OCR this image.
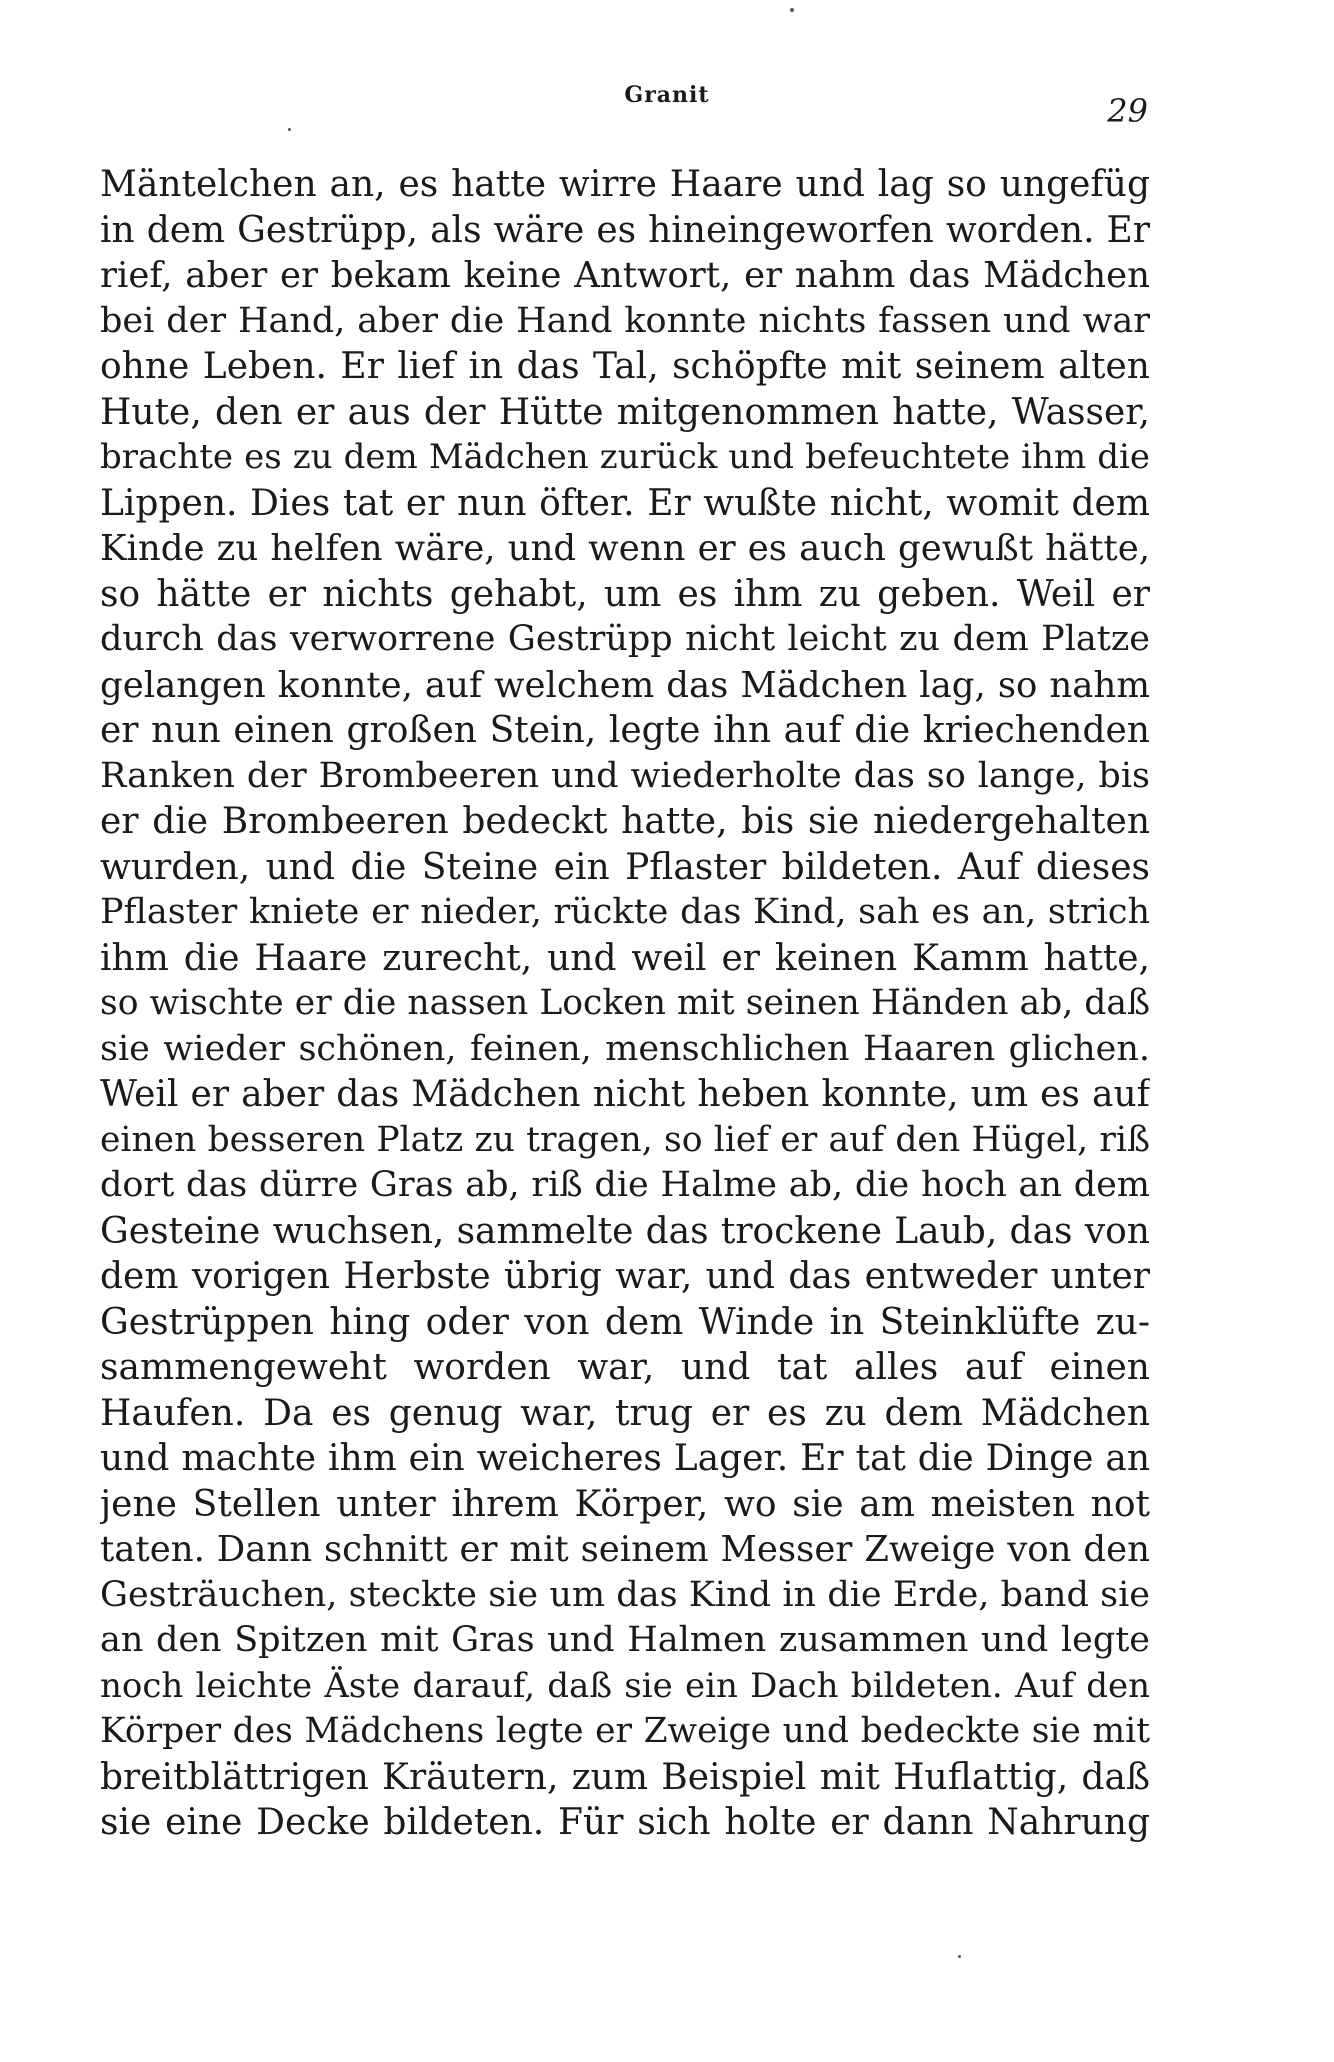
Granit	29
Mäntelchen an, es hatte wirre Haare und lag so ungefüg
in dem Gestrüpp, als wäre es hineingeworfen worden. Er
rief, aber er bekam keine Antwort, er nahm das Mädchen
bei der Hand, aber die Hand konnte nichts fassen und war
ohne Leben. Er lief in das Tal, schöpfte mit seinem alten
Hute, den er aus der Hütte mitgenommen hatte, Wasser,
brachte es zu dem Mädchen zurück und befeuchtete ihm die
Lippen. Dies tat er nun öfter. Er wußte nicht, womit dem
Kinde zu helfen wäre, und wenn er es auch gewußt hätte,
so hätte er nichts gehabt, um es ihm zu geben. Weil er
durch das verworrene Gestrüpp nicht leicht zu dem Platze
gelangen konnte, auf welchem das Mädchen lag, so nahm
er nun einen großen Stein, legte ihn auf die kriechenden
Ranken der Brombeeren und wiederholte das so lange, bis
er die Brombeeren bedeckt hatte, bis sie niedergehalten
wurden, und die Steine ein Pflaster bildeten. Auf dieses
Pflaster kniete er nieder, rückte das Kind, sah es an, strich
ihm die Haare zurecht, und weil er keinen Kamm hatte,
so wischte er die nassen Locken mit seinen Händen ab, daß
sie wieder schönen, feinen, menschlichen Haaren glichen.
Weil er aber das Mädchen nicht heben konnte, um es auf
einen besseren Platz zu tragen, so lief er auf den Hügel, riß
dort das dürre Gras ab, riß die Halme ab, die hoch an dem
Gesteine wuchsen, sammelte das trockene Laub, das von
dem vorigen Herbste übrig war, und das entweder unter
Gestrüppen hing oder von dem Winde in Steinklüfte zu-
sammengeweht worden war, und tat alles auf einen
Haufen. Da es genug war, trug er es zu dem Mädchen
und machte ihm ein weicheres Lager. Er tat die Dinge an
jene Stellen unter ihrem Körper, wo sie am meisten not
taten. Dann schnitt er mit seinem Messer Zweige von den
Gesträuchen, steckte sie um das Kind in die Erde, band sie
an den Spitzen mit Gras und Halmen zusammen und legte
noch leichte Äste darauf, daß sie ein Dach bildeten. Auf den
Körper des Mädchens legte er Zweige und bedeckte sie mit
breitblättrigen Kräutern, zum Beispiel mit Huflattig, daß
sie eine Decke bildeten. Für sich holte er dann Nahrung
